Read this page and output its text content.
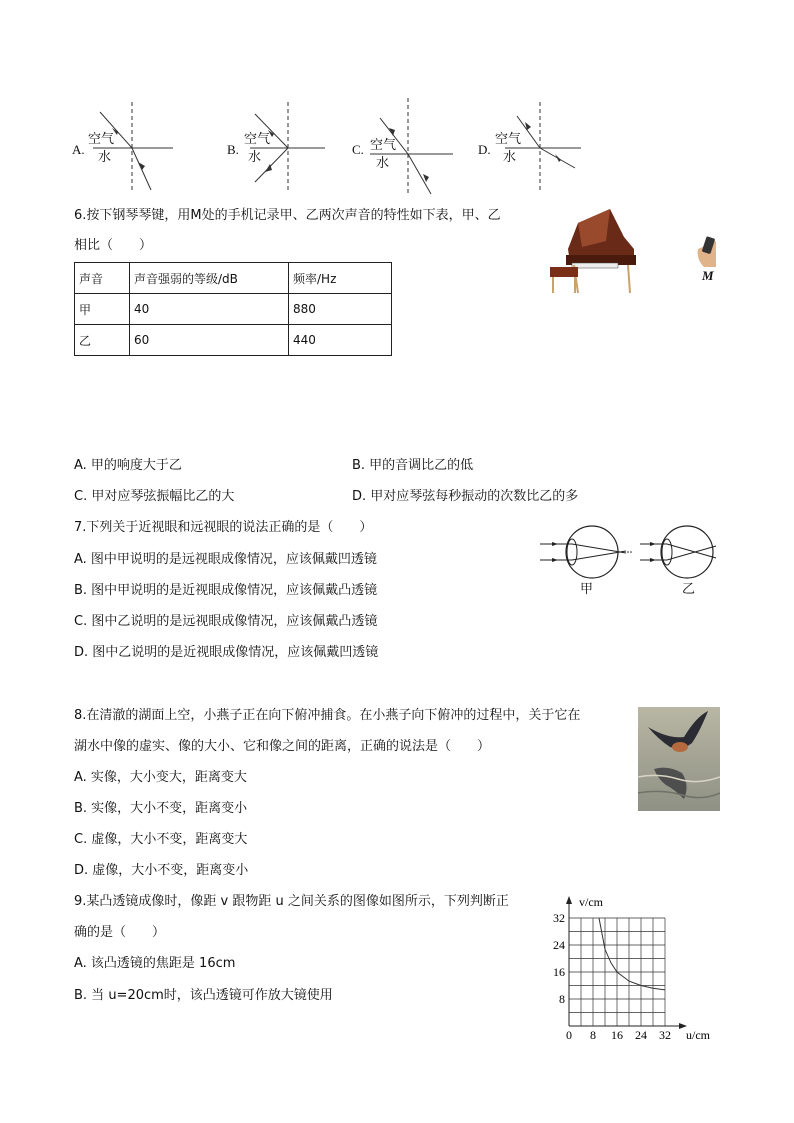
A.
空气
水
B.
空气
水
C. 空气
水
D.
空气
水
6.按下钢琴琴键，用M处的手机记录甲、乙两次声音的特性如下表，甲、乙
相比（　　）
声音	声音强弱的等级/dB	频率/Hz
甲	40	880
乙	60	440
M
A. 甲的响度大于乙	B. 甲的音调比乙的低
C. 甲对应琴弦振幅比乙的大	D. 甲对应琴弦每秒振动的次数比乙的多
7.下列关于近视眼和远视眼的说法正确的是（　　）
A. 图中甲说明的是远视眼成像情况，应该佩戴凹透镜
B. 图中甲说明的是近视眼成像情况，应该佩戴凸透镜
C. 图中乙说明的是远视眼成像情况，应该佩戴凸透镜
D. 图中乙说明的是近视眼成像情况，应该佩戴凹透镜
甲	乙
8.在清澈的湖面上空，小燕子正在向下俯冲捕食。在小燕子向下俯冲的过程中，关于它在
湖水中像的虚实、像的大小、它和像之间的距离，正确的说法是（　　）
A. 实像，大小变大，距离变大
B. 实像，大小不变，距离变小
C. 虚像，大小不变，距离变大
D. 虚像，大小不变，距离变小
9.某凸透镜成像时，像距 v 跟物距 u 之间关系的图像如图所示，下列判断正
确的是（　　）
A. 该凸透镜的焦距是 16cm
B. 当 u=20cm时，该凸透镜可作放大镜使用
0 8 16 24 32
8
16
24
32
v/cm
u/cm
